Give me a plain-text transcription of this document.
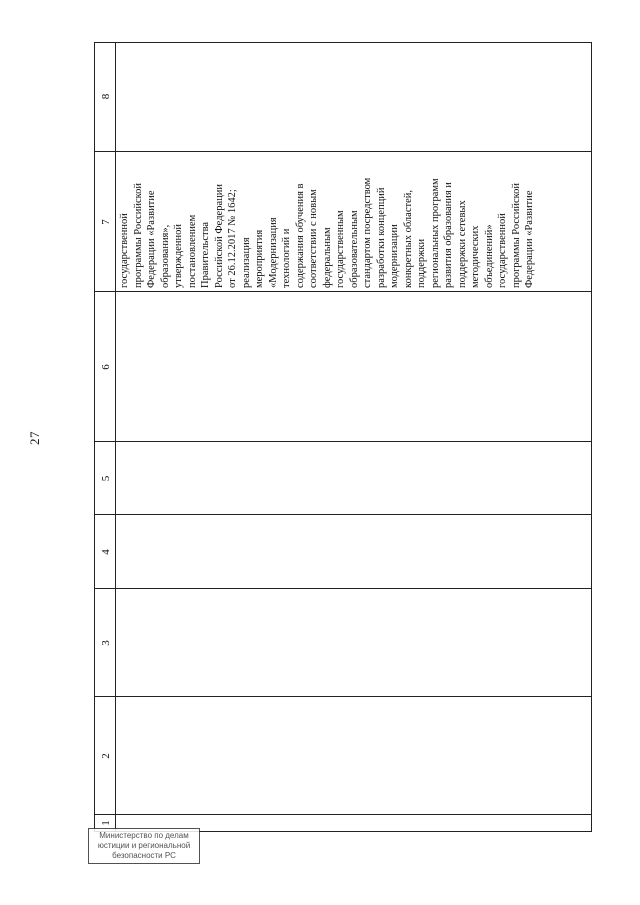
27
1
2
3
4
5
6
7
8
государственной программы Российской Федерации «Развитие образования», утвержденной постановлением Правительства Российской Федерации от 26.12.2017 № 1642; реализация мероприятия «Модернизация технологий и содержания обучения в соответствии с новым федеральным государственным образовательным стандартом посредством разработки концепций модернизации конкретных областей, поддержки региональных программ развития образования и поддержки сетевых методических объединений» государственной программы Российской Федерации «Развитие
Министерство по делам
юстиции и региональной
безопасности РС
